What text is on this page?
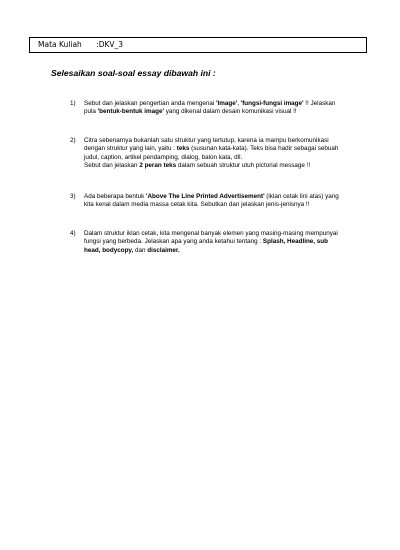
Mata Kuliah :DKV_3
Selesaikan soal-soal essay dibawah ini :
1) Sebut dan jelaskan pengertian anda mengenai 'Image', 'fungsi-fungsi image' !! Jelaskan
pula 'bentuk-bentuk image' yang dikenal dalam desain komunikasi visual !!
2) Citra sebenarnya bukanlah satu struktur yang tertutup, karena ia mampu berkomunikasi
dengan struktur yang lain, yaitu : teks (susunan kata-kata). Teks bisa hadir sebagai sebuah
judul, caption, artikel pendamping, dialog, balon kata, dll.
Sebut dan jelaskan 2 peran teks dalam sebuah struktur utuh pictorial message !!
3) Ada beberapa bentuk 'Above The Line Printed Advertisement' (iklan cetak lini atas) yang
kita kenal dalam media massa cetak kita. Sebutkan dan jelaskan jenis-jenisnya !!
4) Dalam struktur iklan cetak, kita mengenal banyak elemen yang masing-masing mempunyai
fungsi yang berbeda. Jelaskan apa yang anda ketahui tentang : Splash, Headline, sub
head, bodycopy, dan disclaimer.
